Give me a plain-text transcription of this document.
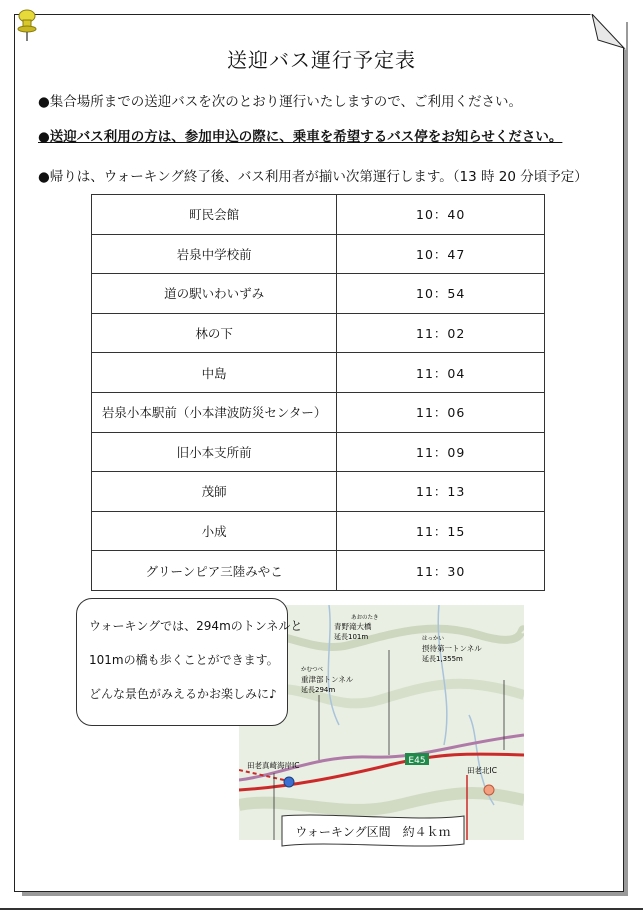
送迎バス運行予定表
●集合場所までの送迎バスを次のとおり運行いたしますので、ご利用ください。
●送迎バス利用の方は、参加申込の際に、乗車を希望するバス停をお知らせください。
●帰りは、ウォーキング終了後、バス利用者が揃い次第運行します。（13 時 20 分頃予定）
町民会館	10：40
岩泉中学校前	10：47
道の駅いわいずみ	10：54
林の下	11：02
中島	11：04
岩泉小本駅前（小本津波防災センター）	11：06
旧小本支所前	11：09
茂師	11：13
小成	11：15
グリーンピア三陸みやこ	11：30
E45
あおのたき
青野滝大橋
延長101m
かむつべ
重津部トンネル
延長294m
はっかい
摂待第一トンネル
延長1,355m
田老真崎海岸IC
田老北IC
ウォーキングでは、294mのトンネルと
101mの橋も歩くことができます。
どんな景色がみえるかお楽しみに♪
ウォーキング区間　約４ｋｍ
